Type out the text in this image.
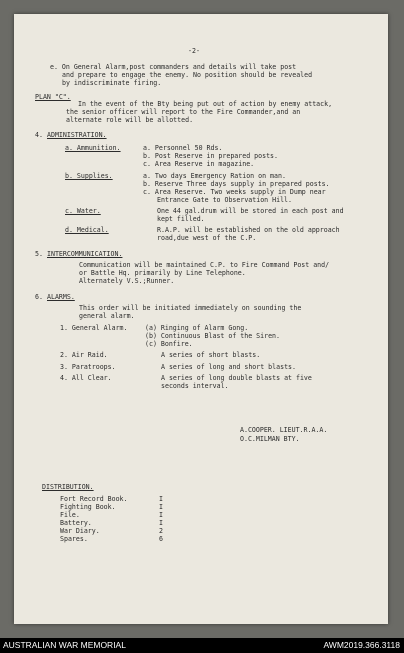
-2-
e. On General Alarm,post commanders and details will take post
and prepare to engage the enemy. No position should be revealed
by indiscriminate firing.
PLAN "C".
In the event of the Bty being put out of action by enemy attack,
the senior officer will report to the Fire Commander,and an
alternate role will be allotted.
4. ADMINISTRATION.
a. Ammunition.	a. Personnel 50 Rds.
b. Post Reserve in prepared posts.
c. Area Reserve in magazine.
b. Supplies.	a. Two days Emergency Ration on man.
b. Reserve Three days supply in prepared posts.
c. Area Reserve. Two weeks supply in Dump near
Entrance Gate to Observation Hill.
c. Water.	One 44 gal.drum will be stored in each post and
kept filled.
d. Medical.	R.A.P. will be established on the old approach
road,due west of the C.P.
5. INTERCOMMUNICATION.
Communication will be maintained C.P. to Fire Command Post and/
or Battle Hq. primarily by Line Telephone.
Alternately V.S.;Runner.
6. ALARMS.
This order will be initiated immediately on sounding the
general alarm.
1. General Alarm.	(a) Ringing of Alarm Gong.
(b) Continuous Blast of the Siren.
(c) Bonfire.
2. Air Raid.	A series of short blasts.
3. Paratroops.	A series of long and short blasts.
4. All Clear.	A series of long double blasts at five
seconds interval.
A.COOPER. LIEUT.R.A.A.
O.C.MILMAN BTY.
DISTRIBUTION.
Fort Record Book.	I
Fighting Book.	I
File.	I
Battery.	I
War Diary.	2
Spares.	6
AUSTRALIAN WAR MEMORIAL	AWM2019.366.3118
